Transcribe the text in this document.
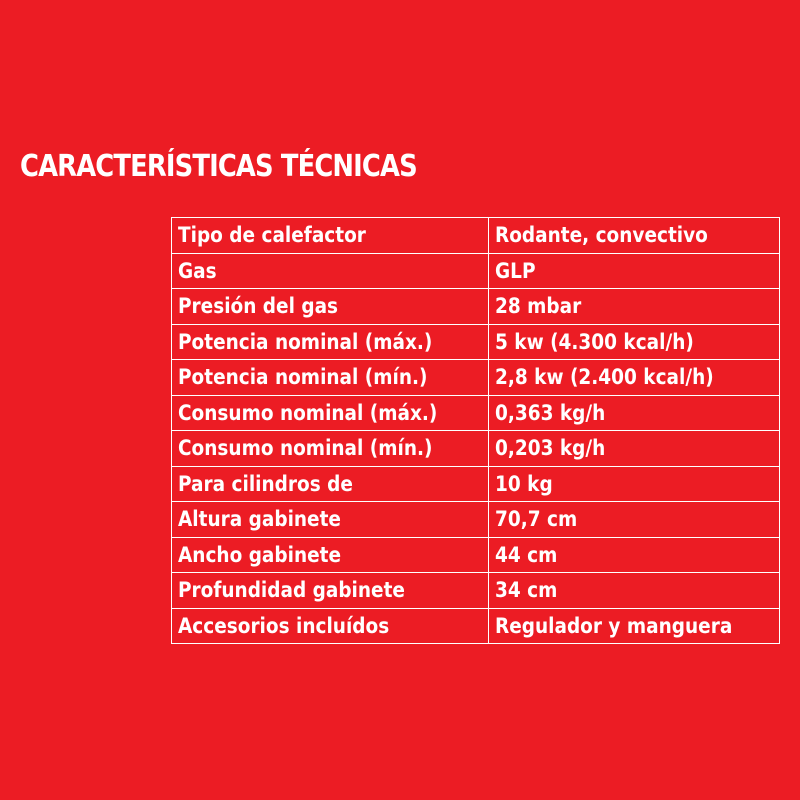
CARACTERÍSTICAS TÉCNICAS
Tipo de calefactor	Rodante, convectivo
Gas	GLP
Presión del gas	28 mbar
Potencia nominal (máx.)	5 kw (4.300 kcal/h)
Potencia nominal (mín.)	2,8 kw (2.400 kcal/h)
Consumo nominal (máx.)	0,363 kg/h
Consumo nominal (mín.)	0,203 kg/h
Para cilindros de	10 kg
Altura gabinete	70,7 cm
Ancho gabinete	44 cm
Profundidad gabinete	34 cm
Accesorios incluídos	Regulador y manguera
